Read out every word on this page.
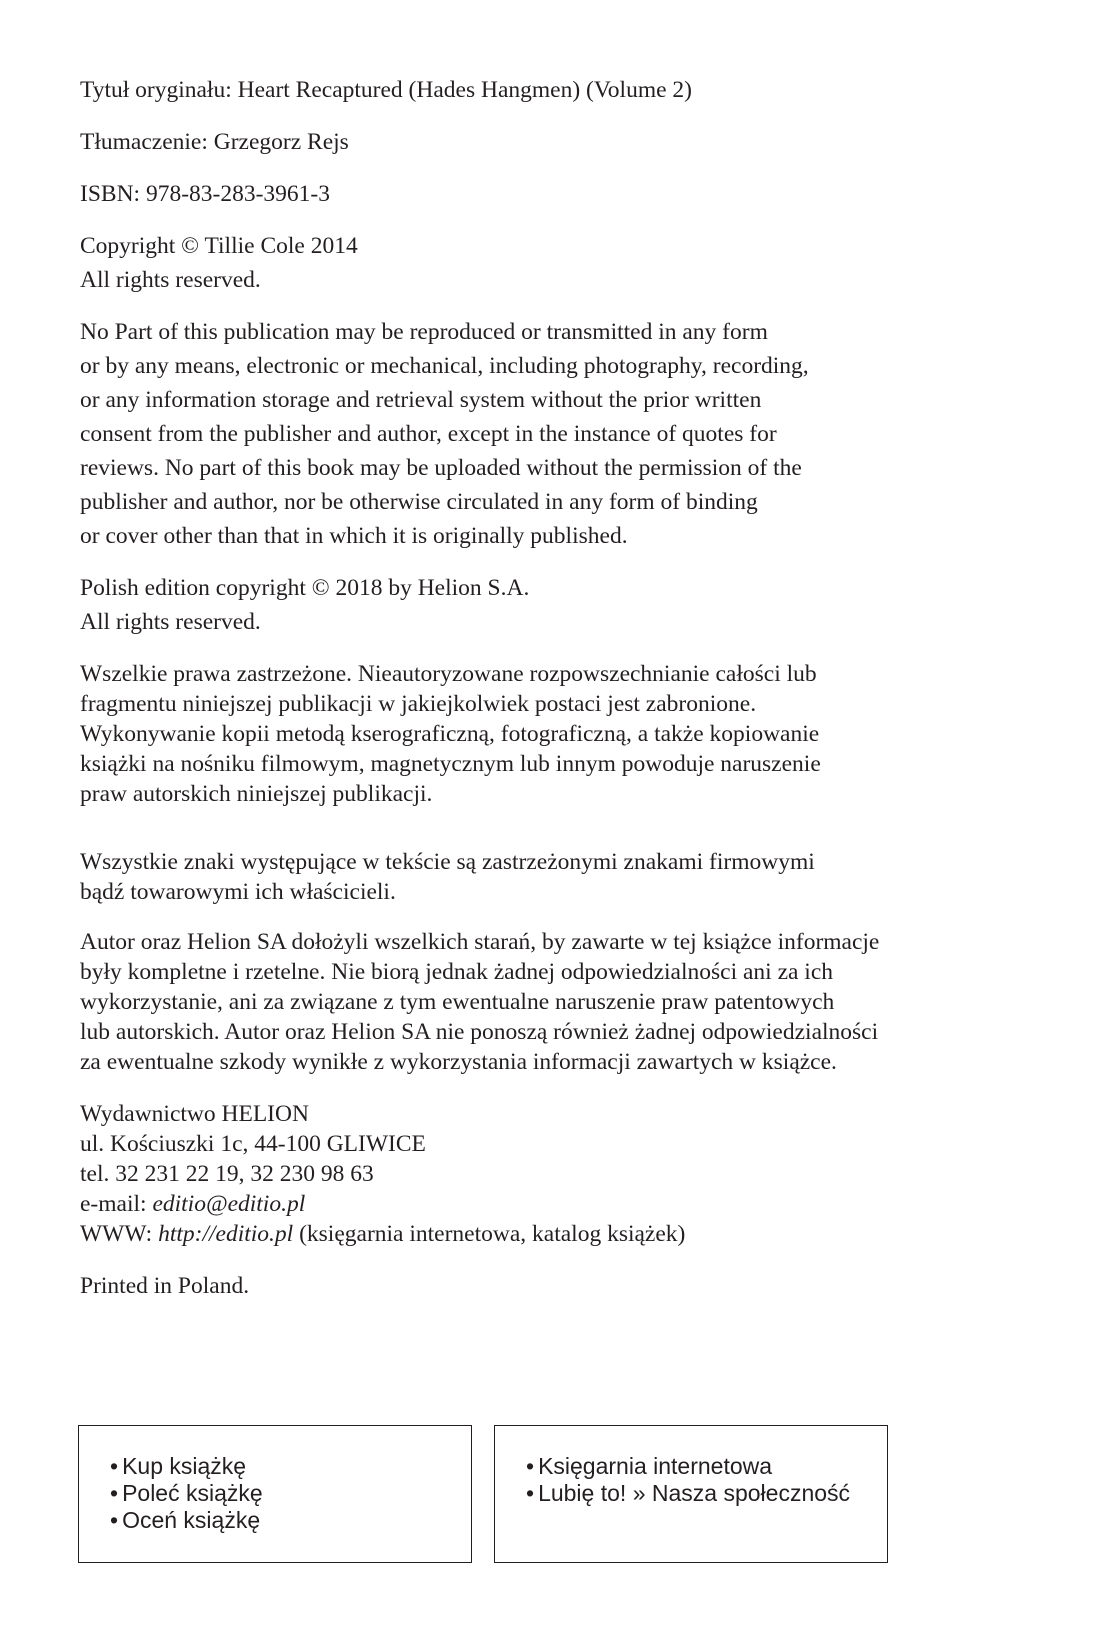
Tytuł oryginału: Heart Recaptured (Hades Hangmen) (Volume 2)
Tłumaczenie: Grzegorz Rejs
ISBN: 978-83-283-3961-3
Copyright © Tillie Cole 2014
All rights reserved.
No Part of this publication may be reproduced or transmitted in any form
or by any means, electronic or mechanical, including photography, recording,
or any information storage and retrieval system without the prior written
consent from the publisher and author, except in the instance of quotes for
reviews. No part of this book may be uploaded without the permission of the
publisher and author, nor be otherwise circulated in any form of binding
or cover other than that in which it is originally published.
Polish edition copyright © 2018 by Helion S.A.
All rights reserved.
Wszelkie prawa zastrzeżone. Nieautoryzowane rozpowszechnianie całości lub
fragmentu niniejszej publikacji w jakiejkolwiek postaci jest zabronione.
Wykonywanie kopii metodą kserograficzną, fotograficzną, a także kopiowanie
książki na nośniku filmowym, magnetycznym lub innym powoduje naruszenie
praw autorskich niniejszej publikacji.
Wszystkie znaki występujące w tekście są zastrzeżonymi znakami firmowymi
bądź towarowymi ich właścicieli.
Autor oraz Helion SA dołożyli wszelkich starań, by zawarte w tej książce informacje
były kompletne i rzetelne. Nie biorą jednak żadnej odpowiedzialności ani za ich
wykorzystanie, ani za związane z tym ewentualne naruszenie praw patentowych
lub autorskich. Autor oraz Helion SA nie ponoszą również żadnej odpowiedzialności
za ewentualne szkody wynikłe z wykorzystania informacji zawartych w książce.
Wydawnictwo HELION
ul. Kościuszki 1c, 44-100 GLIWICE
tel. 32 231 22 19, 32 230 98 63
e-mail: editio@editio.pl
WWW: http://editio.pl (księgarnia internetowa, katalog książek)
Printed in Poland.
• Kup książkę
• Poleć książkę
• Oceń książkę
• Księgarnia internetowa
• Lubię to! » Nasza społeczność
